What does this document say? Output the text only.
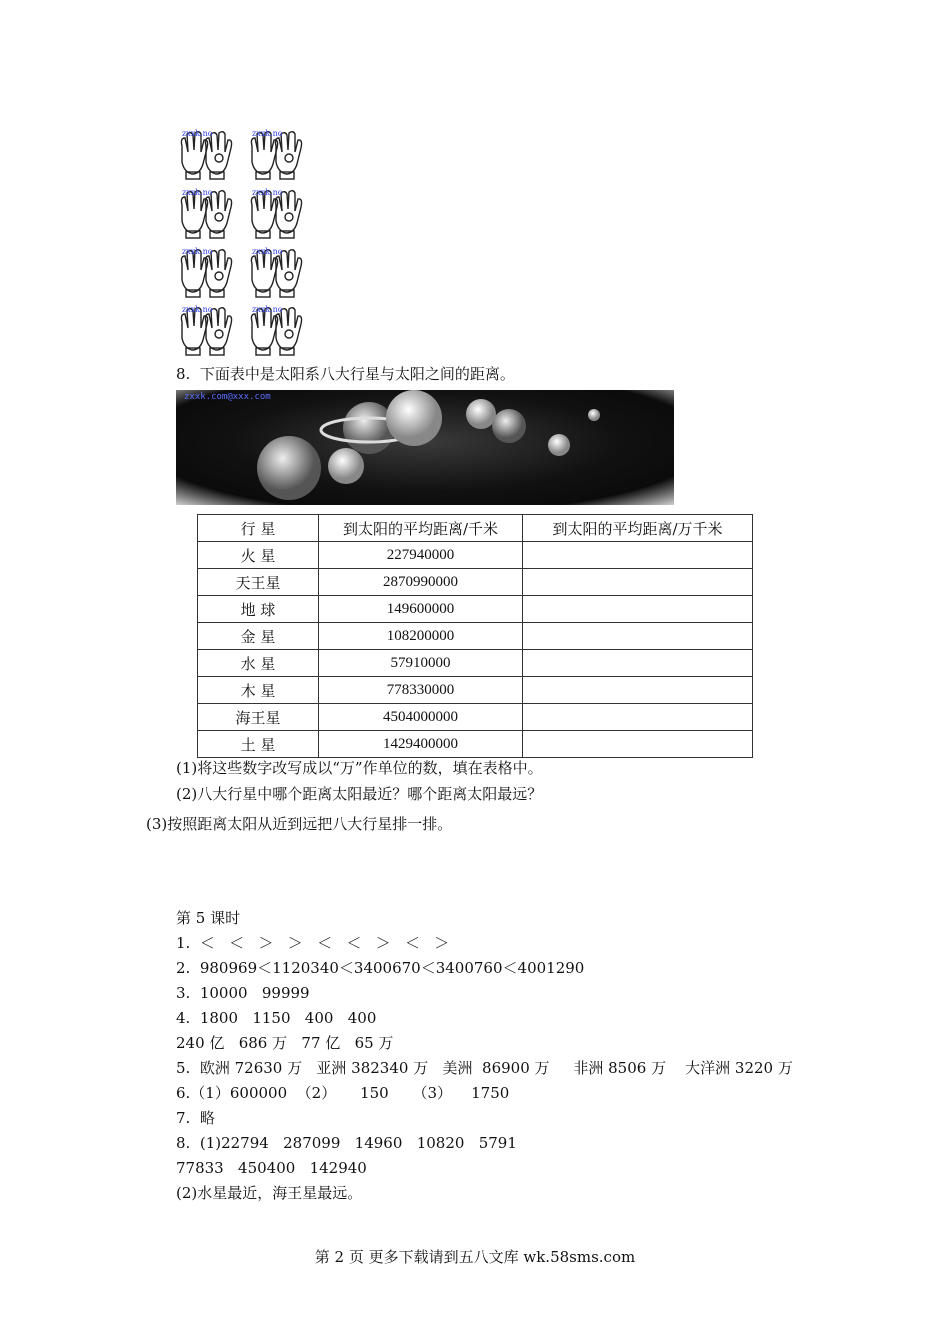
zxxk.no	zxxk.no
zxxk.no	zxxk.no
zxxk.no	zxxk.no
zxxk.no	zxxk.no
8.  下面表中是太阳系八大行星与太阳之间的距离。
zxxk.com@xxx.com
行 星	到太阳的平均距离/千米	到太阳的平均距离/万千米
火 星	227940000	
天王星	2870990000	
地 球	149600000	
金 星	108200000	
水 星	57910000	
木 星	778330000	
海王星	4504000000	
土 星	1429400000	
(1)将这些数字改写成以“万”作单位的数，填在表格中。
(2)八大行星中哪个距离太阳最近？哪个距离太阳最远？
(3)按照距离太阳从近到远把八大行星排一排。
第 5 课时
1.  ＜   ＜   ＞   ＞   ＜   ＜   ＞   ＜   ＞
2.  980969＜1120340＜3400670＜3400760＜4001290
3.  10000   99999
4.  1800   1150   400   400
240 亿   686 万   77 亿   65 万
5.  欧洲 72630 万   亚洲 382340 万   美洲  86900 万     非洲 8506 万    大洋洲 3220 万
6.（1）600000  （2）     150     （3）    1750
7.  略
8.  (1)22794   287099   14960   10820   5791
77833   450400   142940
(2)水星最近，海王星最远。
第 2 页 更多下载请到五八文库 wk.58sms.com
